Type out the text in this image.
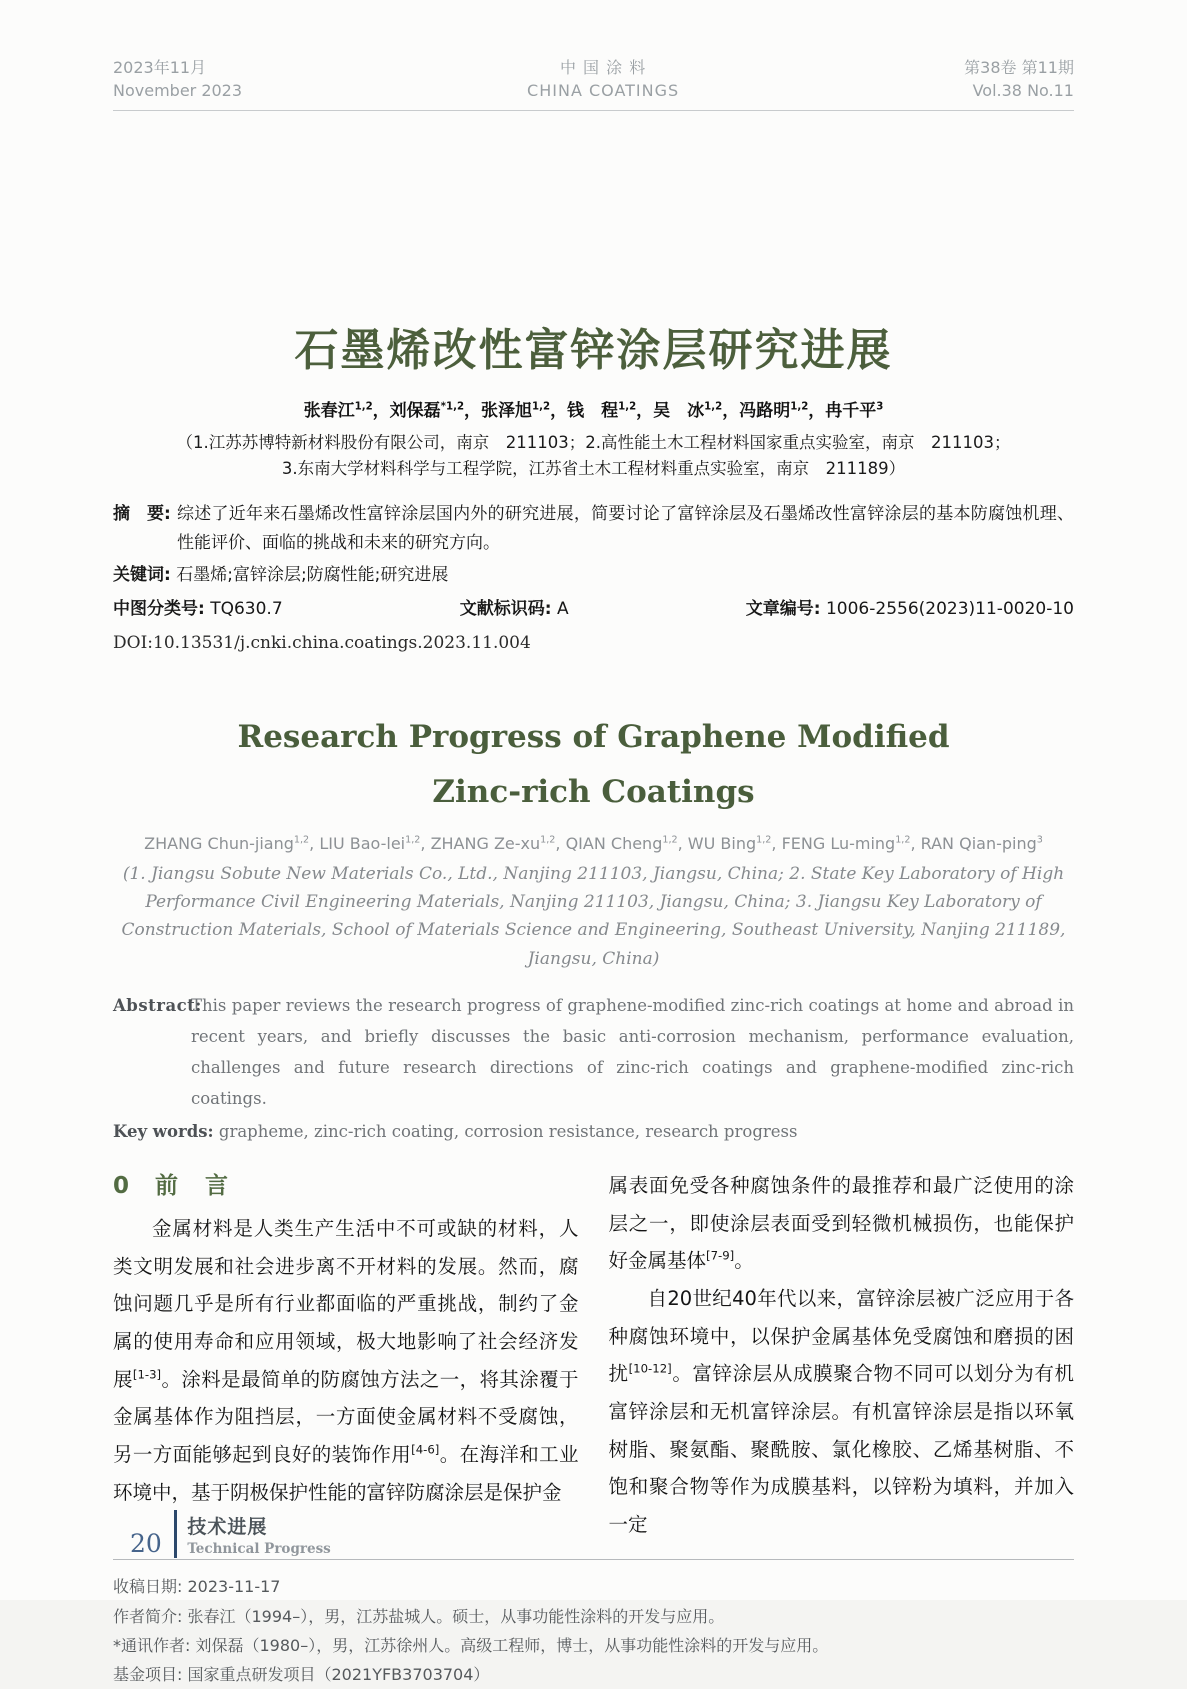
2023年11月
November 2023
中 国 涂 料
CHINA COATINGS
第38卷 第11期
Vol.38 No.11
石墨烯改性富锌涂层研究进展
张春江$^{1,2}$，刘保磊$^{*1,2}$，张泽旭$^{1,2}$，钱　程$^{1,2}$，吴　冰$^{1,2}$，冯路明$^{1,2}$，冉千平$^3$
（1.江苏苏博特新材料股份有限公司，南京　211103；2.高性能土木工程材料国家重点实验室，南京　211103；
3.东南大学材料科学与工程学院，江苏省土木工程材料重点实验室，南京　211189）
摘　要: 综述了近年来石墨烯改性富锌涂层国内外的研究进展，简要讨论了富锌涂层及石墨烯改性富锌涂层的基本防腐蚀机理、性能评价、面临的挑战和未来的研究方向。
关键词: 石墨烯;富锌涂层;防腐性能;研究进展
中图分类号: TQ630.7	文献标识码: A	文章编号: 1006-2556(2023)11-0020-10
DOI:10.13531/j.cnki.china.coatings.2023.11.004
Research Progress of Graphene Modified
Zinc-rich Coatings
ZHANG Chun-jiang$^{1,2}$, LIU Bao-lei$^{1,2}$, ZHANG Ze-xu$^{1,2}$, QIAN Cheng$^{1,2}$, WU Bing$^{1,2}$, FENG Lu-ming$^{1,2}$, RAN Qian-ping$^3$
(1. Jiangsu Sobute New Materials Co., Ltd., Nanjing 211103, Jiangsu, China; 2. State Key Laboratory of High Performance Civil Engineering Materials, Nanjing 211103, Jiangsu, China; 3. Jiangsu Key Laboratory of Construction Materials, School of Materials Science and Engineering, Southeast University, Nanjing 211189, Jiangsu, China)
Abstract:
This paper reviews the research progress of graphene-modified zinc-rich coatings at home and abroad in recent years, and briefly discusses the basic anti-corrosion mechanism, performance evaluation, challenges and future research directions of zinc-rich coatings and graphene-modified zinc-rich coatings.
Key words: grapheme, zinc-rich coating, corrosion resistance, research progress
0 前　言

金属材料是人类生产生活中不可或缺的材料，人类文明发展和社会进步离不开材料的发展。然而，腐蚀问题几乎是所有行业都面临的严重挑战，制约了金属的使用寿命和应用领域，极大地影响了社会经济发展[1-3]。涂料是最简单的防腐蚀方法之一，将其涂覆于金属基体作为阻挡层，一方面使金属材料不受腐蚀，另一方面能够起到良好的装饰作用[4-6]。在海洋和工业环境中，基于阴极保护性能的富锌防腐涂层是保护金

属表面免受各种腐蚀条件的最推荐和最广泛使用的涂层之一，即使涂层表面受到轻微机械损伤，也能保护好金属基体[7-9]。

自20世纪40年代以来，富锌涂层被广泛应用于各种腐蚀环境中，以保护金属基体免受腐蚀和磨损的困扰[10-12]。富锌涂层从成膜聚合物不同可以划分为有机富锌涂层和无机富锌涂层。有机富锌涂层是指以环氧树脂、聚氨酯、聚酰胺、氯化橡胶、乙烯基树脂、不饱和聚合物等作为成膜基料，以锌粉为填料，并加入一定

收稿日期: 2023-11-17
作者简介: 张春江（1994–），男，江苏盐城人。硕士，从事功能性涂料的开发与应用。
*通讯作者: 刘保磊（1980–），男，江苏徐州人。高级工程师，博士，从事功能性涂料的开发与应用。
基金项目: 国家重点研发项目（2021YFB3703704）
20
技术进展
Technical Progress
